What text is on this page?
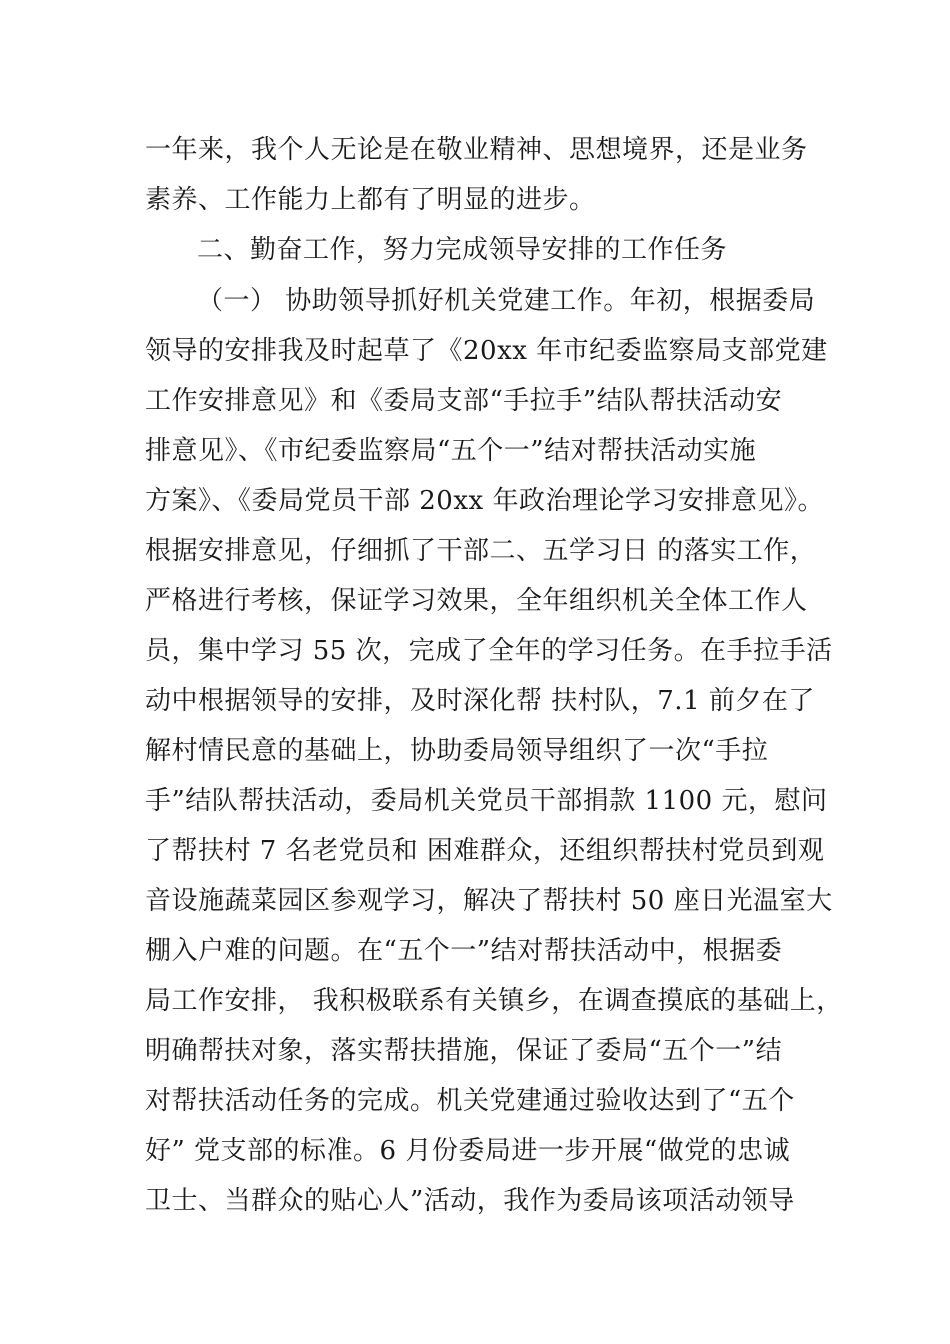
一年来，我个人无论是在敬业精神、思想境界，还是业务
素养、工作能力上都有了明显的进步。
二、勤奋工作，努力完成领导安排的工作任务
（一） 协助领导抓好机关党建工作。年初，根据委局
领导的安排我及时起草了《20xx 年市纪委监察局支部党建
工作安排意见》和《委局支部“手拉手”结队帮扶活动安
排意见》、《市纪委监察局“五个一”结对帮扶活动实施
方案》、《委局党员干部 20xx 年政治理论学习安排意见》。
根据安排意见，仔细抓了干部二、五学习日 的落实工作，
严格进行考核，保证学习效果，全年组织机关全体工作人
员，集中学习 55 次，完成了全年的学习任务。在手拉手活
动中根据领导的安排，及时深化帮 扶村队，7.1 前夕在了
解村情民意的基础上，协助委局领导组织了一次“手拉
手”结队帮扶活动，委局机关党员干部捐款 1100 元，慰问
了帮扶村 7 名老党员和 困难群众，还组织帮扶村党员到观
音设施蔬菜园区参观学习，解决了帮扶村 50 座日光温室大
棚入户难的问题。在“五个一”结对帮扶活动中，根据委
局工作安排， 我积极联系有关镇乡，在调查摸底的基础上，
明确帮扶对象，落实帮扶措施，保证了委局“五个一”结
对帮扶活动任务的完成。机关党建通过验收达到了“五个
好” 党支部的标准。6 月份委局进一步开展“做党的忠诚
卫士、当群众的贴心人”活动，我作为委局该项活动领导
